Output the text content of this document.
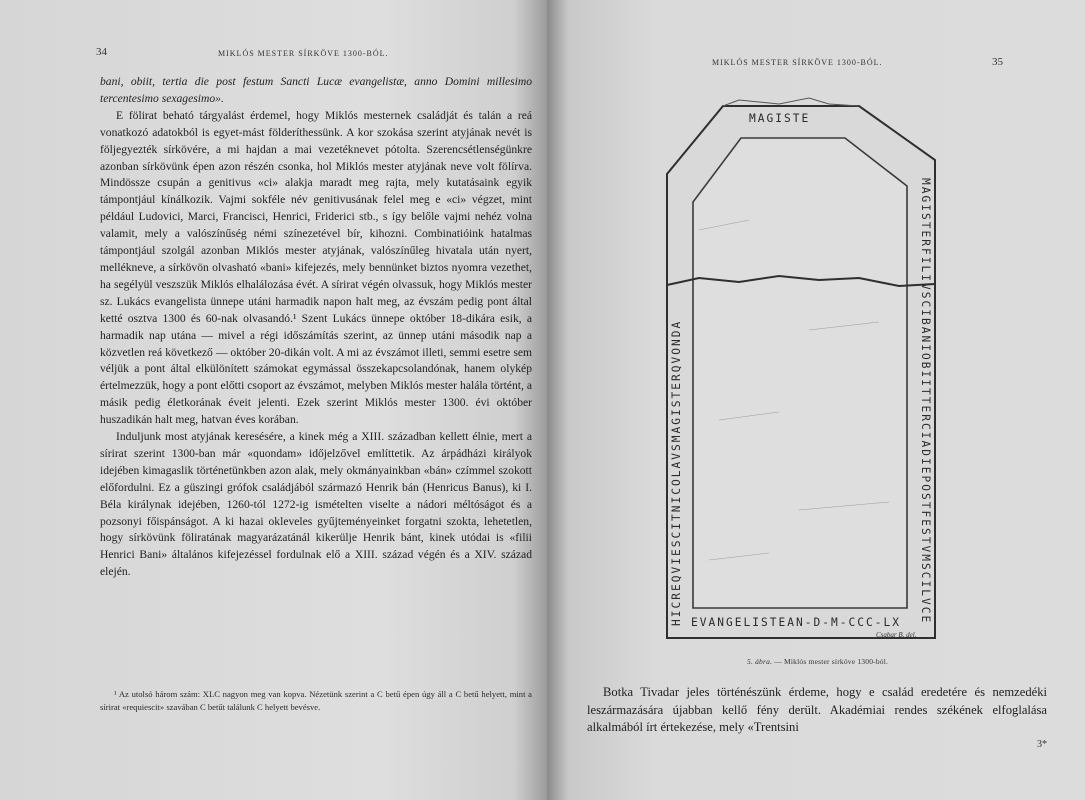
34	MIKLÓS MESTER SÍRKÖVE 1300-BÓL.

bani, obiit, tertia die post festum Sancti Lucæ evangelistæ, anno Domini millesimo tercentesimo sexagesimo».

E fölirat beható tárgyalást érdemel, hogy Miklós mesternek családját és talán a reá vonatkozó adatokból is egyet-mást földeríthessünk. A kor szokása szerint atyjának nevét is följegyezték sírkövére, a mi hajdan a mai vezetéknevet pótolta. Szerencsétlenségünkre azonban sírkövünk épen azon részén csonka, hol Miklós mester atyjának neve volt fölírva. Mindössze csupán a genitivus «ci» alakja maradt meg rajta, mely kutatásaink egyik támpontjául kínálkozik. Vajmi sokféle név genitivusának felel meg e «ci» végzet, mint például Ludovici, Marci, Francisci, Henrici, Friderici stb., s így belőle vajmi nehéz volna valamit, mely a valószínűség némi színezetével bír, kihozni. Combinatióink hatalmas támpontjául szolgál azonban Miklós mester atyjának, valószínűleg hivatala után nyert, melléknevе, a sírkövön olvasható «bani» kifejezés, mely bennünket biztos nyomra vezethet, ha segélyül veszszük Miklós elhalálozása évét. A sírirat végén olvassuk, hogy Miklós mester sz. Lukács evangelista ünnepe utáni harmadik napon halt meg, az évszám pedig pont által ketté osztva 1300 és 60-nak olvasandó.¹ Szent Lukács ünnepe október 18-dikára esik, a harmadik nap utána — mivel a régi időszámítás szerint, az ünnep utáni második nap a közvetlen reá következő — október 20-dikán volt. A mi az évszámot illeti, semmi esetre sem véljük a pont által elkülönített számokat egymással összekapcsolandónak, hanem olykép értelmezzük, hogy a pont előtti csoport az évszámot, melyben Miklós mester halála történt, a másik pedig életkorának éveit jelenti. Ezek szerint Miklós mester 1300. évi október huszadikán halt meg, hatvan éves korában.

Induljunk most atyjának keresésére, a kinek még a XIII. században kellett élnie, mert a sírirat szerint 1300-ban már «quondam» időjelzővel említtetik. Az árpádházi királyok idejében kimagaslik történetünkben azon alak, mely okmányainkban «bán» czímmel szokott előfordulni. Ez a güszingi grófok családjából származó Henrik bán (Henricus Banus), ki I. Béla királynak idejében, 1260-tól 1272-ig ismételten viselte a nádori méltóságot és a pozsonyi főispánságot. A ki hazai okleveles gyűjteményeinket forgatni szokta, lehetetlen, hogy sírkövünk föliratának magyarázatánál kikerülje Henrik bánt, kinek utódai is «filii Henrici Bani» általános kifejezéssel fordulnak elő a XIII. század végén és a XIV. század elején.

¹ Az utolsó három szám: XLC nagyon meg van kopva. Nézetünk szerint a C betű épen úgy áll a C betű helyett, mint a sírirat «requiescit» szavában C betűt találunk C helyett bevésve.
MIKLÓS MESTER SÍRKÖVE 1300-BÓL.	35
HICREQVIESCITNICOLAVSMAGISTERQVONDA
MAGISTE
MAGISTERFILIVSCIBANIOBIITTERCIADIEPOSTFESTVMSCILVCE
EVANGELISTEAN-D-M-CCC-LX
Csabar B. del.
5. ábra. — Miklós mester sírköve 1300-ból.
Botka Tivadar jeles történészünk érdeme, hogy e család eredetére és nemzedéki leszármazására újabban kellő fény derült. Akadémiai rendes székének elfoglalása alkalmából írt értekezése, mely «Trentsini
3*
